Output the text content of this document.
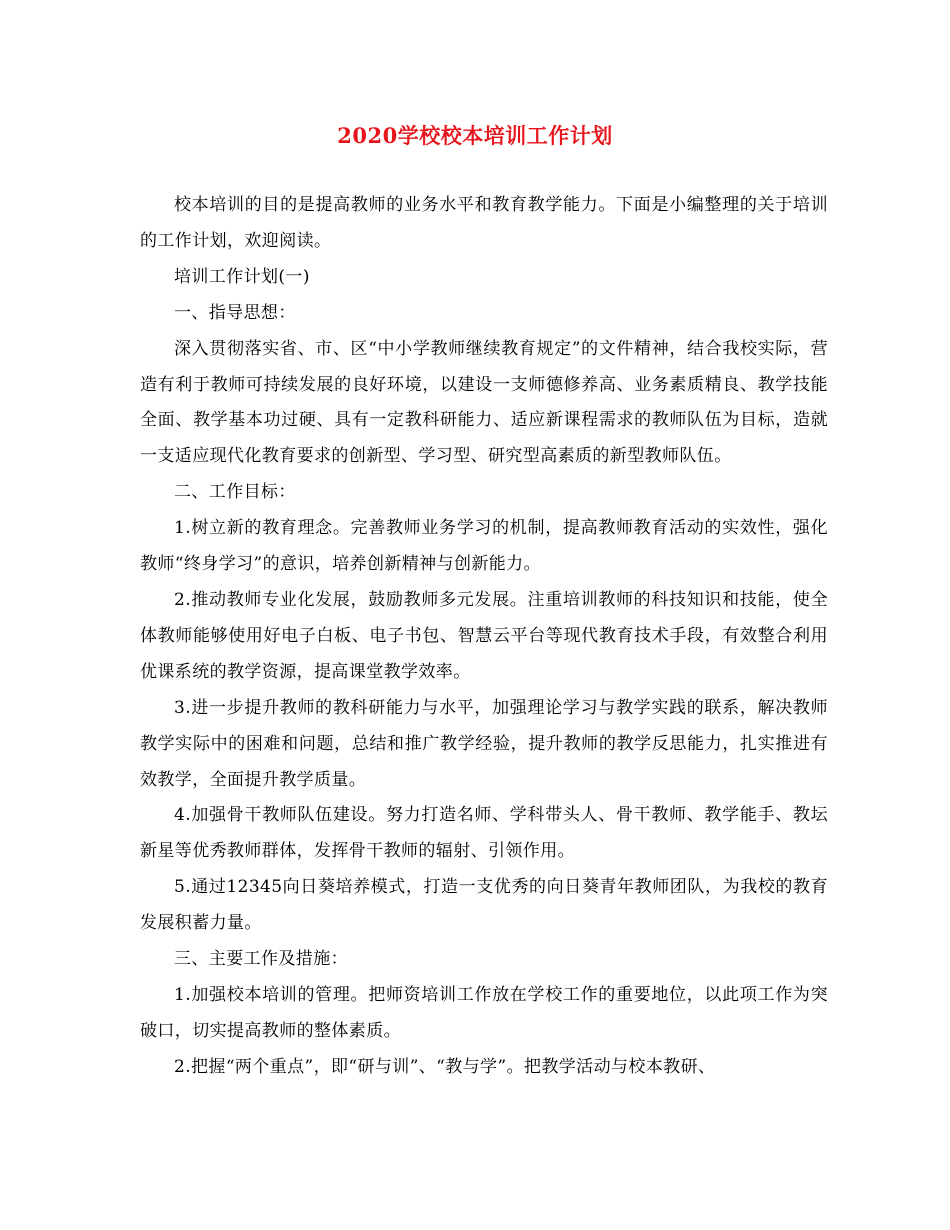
2020学校校本培训工作计划

校本培训的目的是提高教师的业务水平和教育教学能力。下面是小编整理的关于培训的工作计划，欢迎阅读。

培训工作计划(一)

一、指导思想：

深入贯彻落实省、市、区“中小学教师继续教育规定”的文件精神，结合我校实际，营造有利于教师可持续发展的良好环境，以建设一支师德修养高、业务素质精良、教学技能全面、教学基本功过硬、具有一定教科研能力、适应新课程需求的教师队伍为目标，造就一支适应现代化教育要求的创新型、学习型、研究型高素质的新型教师队伍。

二、工作目标：

1.树立新的教育理念。完善教师业务学习的机制，提高教师教育活动的实效性，强化教师“终身学习”的意识，培养创新精神与创新能力。

2.推动教师专业化发展，鼓励教师多元发展。注重培训教师的科技知识和技能，使全体教师能够使用好电子白板、电子书包、智慧云平台等现代教育技术手段，有效整合利用优课系统的教学资源，提高课堂教学效率。

3.进一步提升教师的教科研能力与水平，加强理论学习与教学实践的联系，解决教师教学实际中的困难和问题，总结和推广教学经验，提升教师的教学反思能力，扎实推进有效教学，全面提升教学质量。

4.加强骨干教师队伍建设。努力打造名师、学科带头人、骨干教师、教学能手、教坛新星等优秀教师群体，发挥骨干教师的辐射、引领作用。

5.通过12345向日葵培养模式，打造一支优秀的向日葵青年教师团队，为我校的教育发展积蓄力量。

三、主要工作及措施：

1.加强校本培训的管理。把师资培训工作放在学校工作的重要地位，以此项工作为突破口，切实提高教师的整体素质。

2.把握“两个重点”，即“研与训”、“教与学”。把教学活动与校本教研、
